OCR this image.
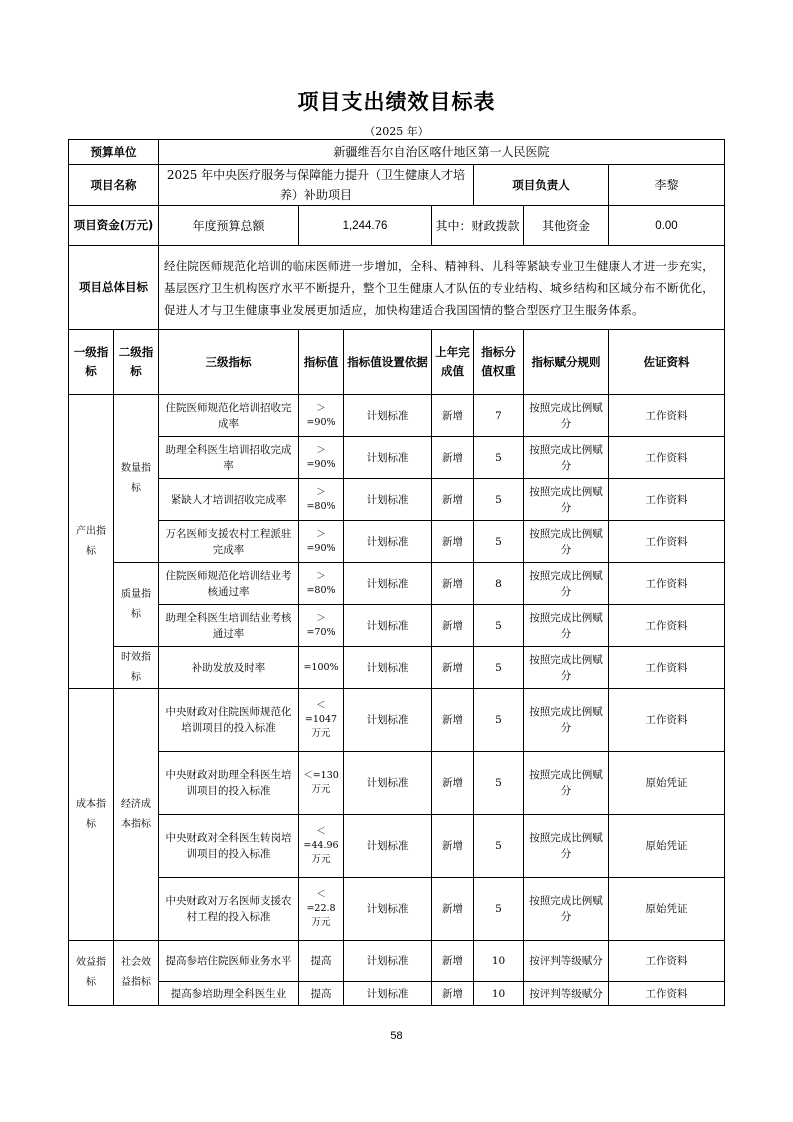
项目支出绩效目标表
（2025 年）
预算单位		新疆维吾尔自治区喀什地区第一人民医院						
项目名称		2025 年中央医疗服务与保障能力提升（卫生健康人才培养）补助项目				项目负责人		李黎
项目资金(万元)		年度预算总额	1,244.76		其中：财政拨款		其他资金	0.00
项目总体目标		经住院医师规范化培训的临床医师进一步增加，全科、精神科、儿科等紧缺专业卫生健康人才进一步充实，基层医疗卫生机构医疗水平不断提升，整个卫生健康人才队伍的专业结构、城乡结构和区域分布不断优化，促进人才与卫生健康事业发展更加适应，加快构建适合我国国情的整合型医疗卫生服务体系。						
一级指标	二级指标	三级指标	指标值	指标值设置依据	上年完成值	指标分值权重	指标赋分规则	佐证资料
产出指标	数量指标	住院医师规范化培训招收完成率	＞=90%	计划标准	新增	7	按照完成比例赋分	工作资料
		助理全科医生培训招收完成率	＞=90%	计划标准	新增	5	按照完成比例赋分	工作资料
		紧缺人才培训招收完成率	＞=80%	计划标准	新增	5	按照完成比例赋分	工作资料
		万名医师支援农村工程派驻完成率	＞=90%	计划标准	新增	5	按照完成比例赋分	工作资料
	质量指标	住院医师规范化培训结业考核通过率	＞=80%	计划标准	新增	8	按照完成比例赋分	工作资料
		助理全科医生培训结业考核通过率	＞=70%	计划标准	新增	5	按照完成比例赋分	工作资料
	时效指标	补助发放及时率	=100%	计划标准	新增	5	按照完成比例赋分	工作资料
成本指标	经济成本指标	中央财政对住院医师规范化培训项目的投入标准	＜=1047万元	计划标准	新增	5	按照完成比例赋分	工作资料
		中央财政对助理全科医生培训项目的投入标准	＜=130万元	计划标准	新增	5	按照完成比例赋分	原始凭证
		中央财政对全科医生转岗培训项目的投入标准	＜=44.96万元	计划标准	新增	5	按照完成比例赋分	原始凭证
		中央财政对万名医师支援农村工程的投入标准	＜=22.8万元	计划标准	新增	5	按照完成比例赋分	原始凭证
效益指标	社会效益指标	提高参培住院医师业务水平	提高	计划标准	新增	10	按评判等级赋分	工作资料
		提高参培助理全科医生业	提高	计划标准	新增	10	按评判等级赋分	工作资料
58
